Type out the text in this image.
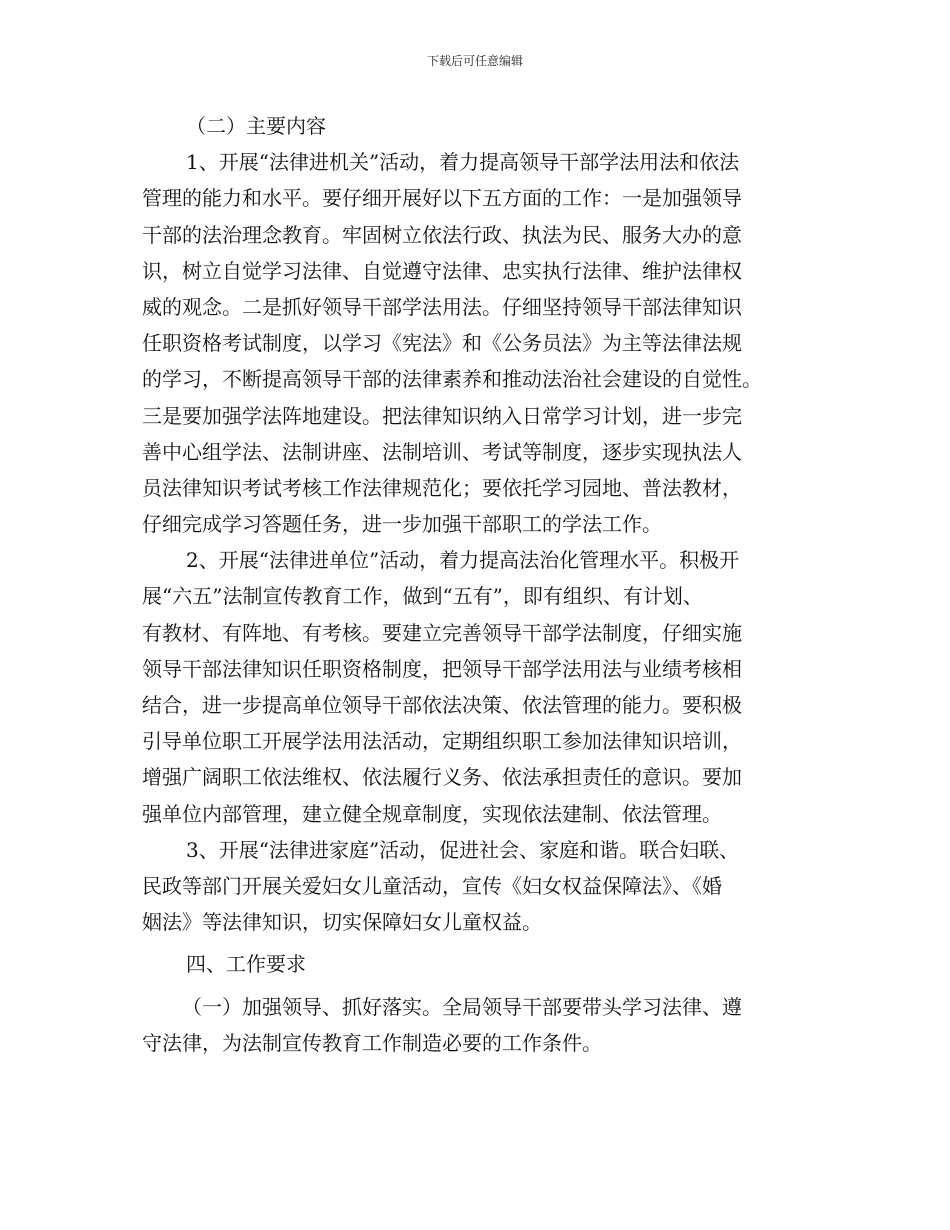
下载后可任意编辑
（二）主要内容
1、开展“法律进机关”活动，着力提高领导干部学法用法和依法
管理的能力和水平。要仔细开展好以下五方面的工作：一是加强领导
干部的法治理念教育。牢固树立依法行政、执法为民、服务大办的意
识，树立自觉学习法律、自觉遵守法律、忠实执行法律、维护法律权
威的观念。二是抓好领导干部学法用法。仔细坚持领导干部法律知识
任职资格考试制度，以学习《宪法》和《公务员法》为主等法律法规
的学习，不断提高领导干部的法律素养和推动法治社会建设的自觉性。
三是要加强学法阵地建设。把法律知识纳入日常学习计划，进一步完
善中心组学法、法制讲座、法制培训、考试等制度，逐步实现执法人
员法律知识考试考核工作法律规范化；要依托学习园地、普法教材，
仔细完成学习答题任务，进一步加强干部职工的学法工作。
2、开展“法律进单位”活动，着力提高法治化管理水平。积极开
展“六五”法制宣传教育工作，做到“五有”，即有组织、有计划、
有教材、有阵地、有考核。要建立完善领导干部学法制度，仔细实施
领导干部法律知识任职资格制度，把领导干部学法用法与业绩考核相
结合，进一步提高单位领导干部依法决策、依法管理的能力。要积极
引导单位职工开展学法用法活动，定期组织职工参加法律知识培训，
增强广阔职工依法维权、依法履行义务、依法承担责任的意识。要加
强单位内部管理，建立健全规章制度，实现依法建制、依法管理。
3、开展“法律进家庭”活动，促进社会、家庭和谐。联合妇联、
民政等部门开展关爱妇女儿童活动，宣传《妇女权益保障法》、《婚
姻法》等法律知识，切实保障妇女儿童权益。
四、工作要求
（一）加强领导、抓好落实。全局领导干部要带头学习法律、遵
守法律，为法制宣传教育工作制造必要的工作条件。
